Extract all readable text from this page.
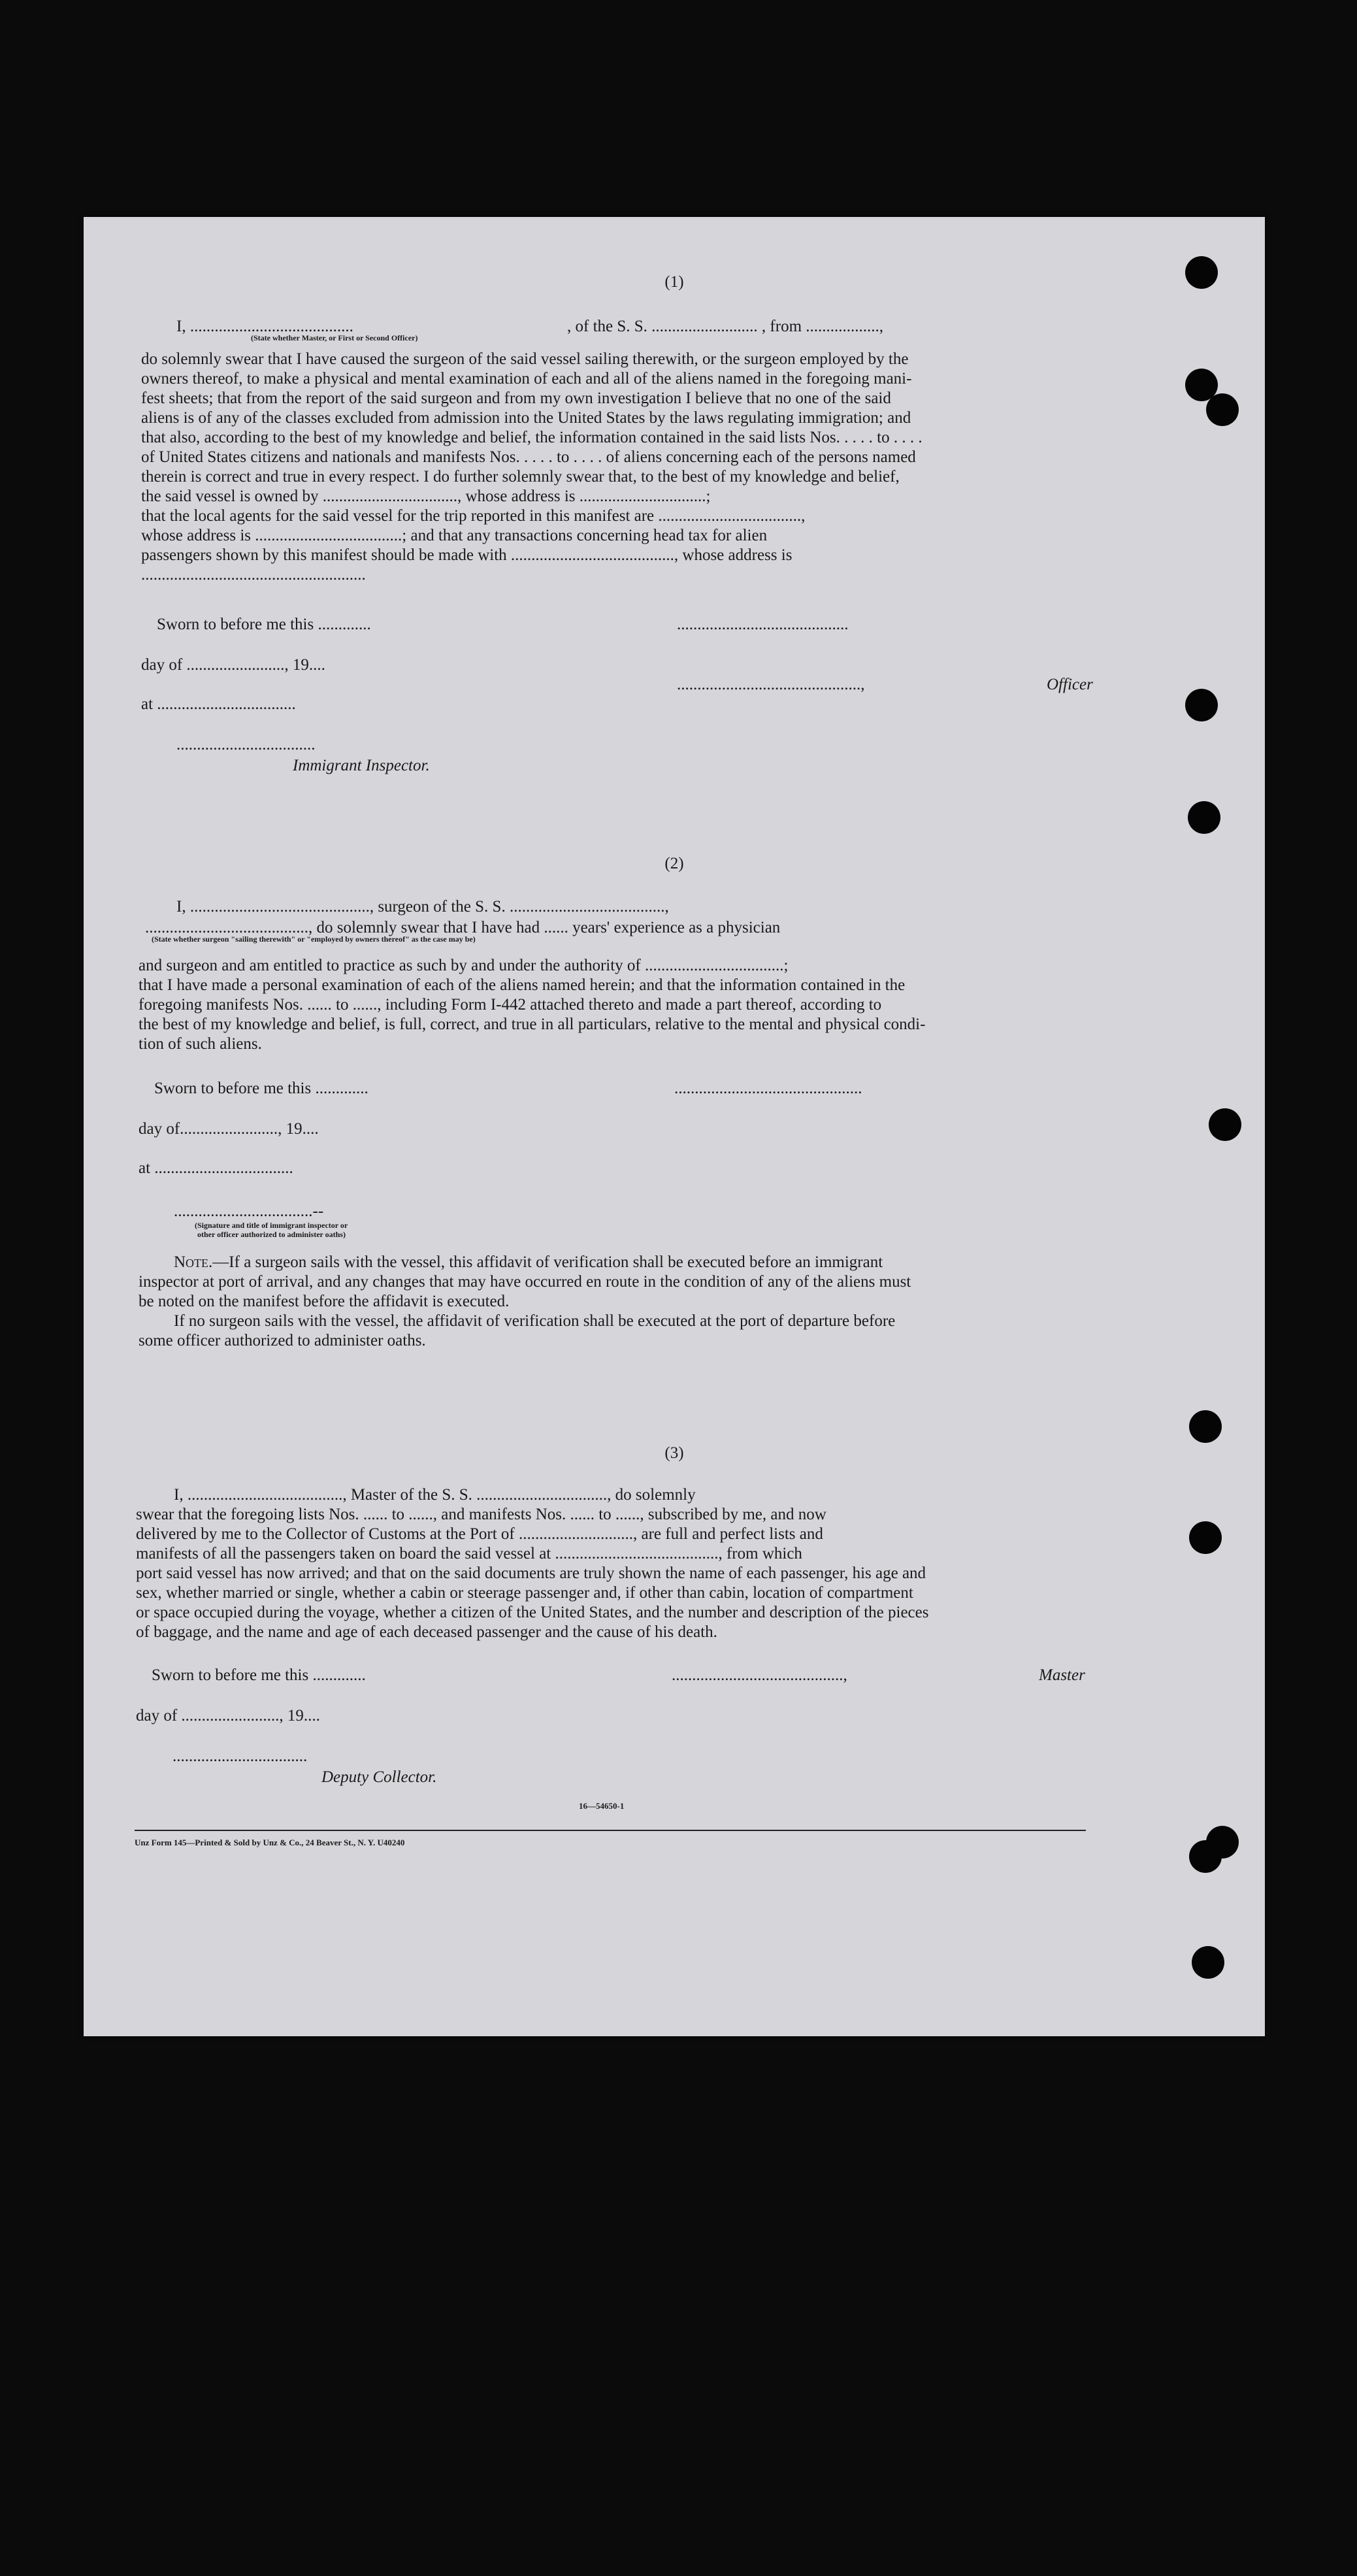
(1)
I, ........................................	, of the S. S. .......................... , from ..................,
(State whether Master, or First or Second Officer)
do solemnly swear that I have caused the surgeon of the said vessel sailing therewith, or the surgeon employed by the
owners thereof, to make a physical and mental examination of each and all of the aliens named in the foregoing mani-
fest sheets; that from the report of the said surgeon and from my own investigation I believe that no one of the said
aliens is of any of the classes excluded from admission into the United States by the laws regulating immigration; and
that also, according to the best of my knowledge and belief, the information contained in the said lists Nos. . . . . to . . . .
of United States citizens and nationals and manifests Nos. . . . . to . . . . of aliens concerning each of the persons named
therein is correct and true in every respect. I do further solemnly swear that, to the best of my knowledge and belief,
the said vessel is owned by ................................., whose address is ...............................;
that the local agents for the said vessel for the trip reported in this manifest are ...................................,
whose address is ....................................; and that any transactions concerning head tax for alien
passengers shown by this manifest should be made with ........................................, whose address is
.......................................................
Sworn to before me this .............	..........................................
day of ........................, 19....
.............................................,	Officer
at ..................................
..................................
Immigrant Inspector.
(2)
I, ............................................, surgeon of the S. S. ......................................,
........................................, do solemnly swear that I have had ...... years' experience as a physician
(State whether surgeon "sailing therewith" or "employed by owners thereof" as the case may be)
and surgeon and am entitled to practice as such by and under the authority of ..................................;
that I have made a personal examination of each of the aliens named herein; and that the information contained in the
foregoing manifests Nos. ...... to ......, including Form I-442 attached thereto and made a part thereof, according to
the best of my knowledge and belief, is full, correct, and true in all particulars, relative to the mental and physical condi-
tion of such aliens.
Sworn to before me this .............	..............................................
day of........................, 19....
at ..................................
..................................--
(Signature and title of immigrant inspector or
other officer authorized to administer oaths)
Note.—If a surgeon sails with the vessel, this affidavit of verification shall be executed before an immigrant
inspector at port of arrival, and any changes that may have occurred en route in the condition of any of the aliens must
be noted on the manifest before the affidavit is executed.
If no surgeon sails with the vessel, the affidavit of verification shall be executed at the port of departure before
some officer authorized to administer oaths.
(3)
I, ......................................, Master of the S. S. ................................, do solemnly
swear that the foregoing lists Nos. ...... to ......, and manifests Nos. ...... to ......, subscribed by me, and now
delivered by me to the Collector of Customs at the Port of ............................, are full and perfect lists and
manifests of all the passengers taken on board the said vessel at ........................................, from which
port said vessel has now arrived; and that on the said documents are truly shown the name of each passenger, his age and
sex, whether married or single, whether a cabin or steerage passenger and, if other than cabin, location of compartment
or space occupied during the voyage, whether a citizen of the United States, and the number and description of the pieces
of baggage, and the name and age of each deceased passenger and the cause of his death.
Sworn to before me this .............	..........................................,	Master
day of ........................, 19....
.................................
Deputy Collector.
16—54650-1
Unz Form 145—Printed & Sold by Unz & Co., 24 Beaver St., N. Y. U40240
